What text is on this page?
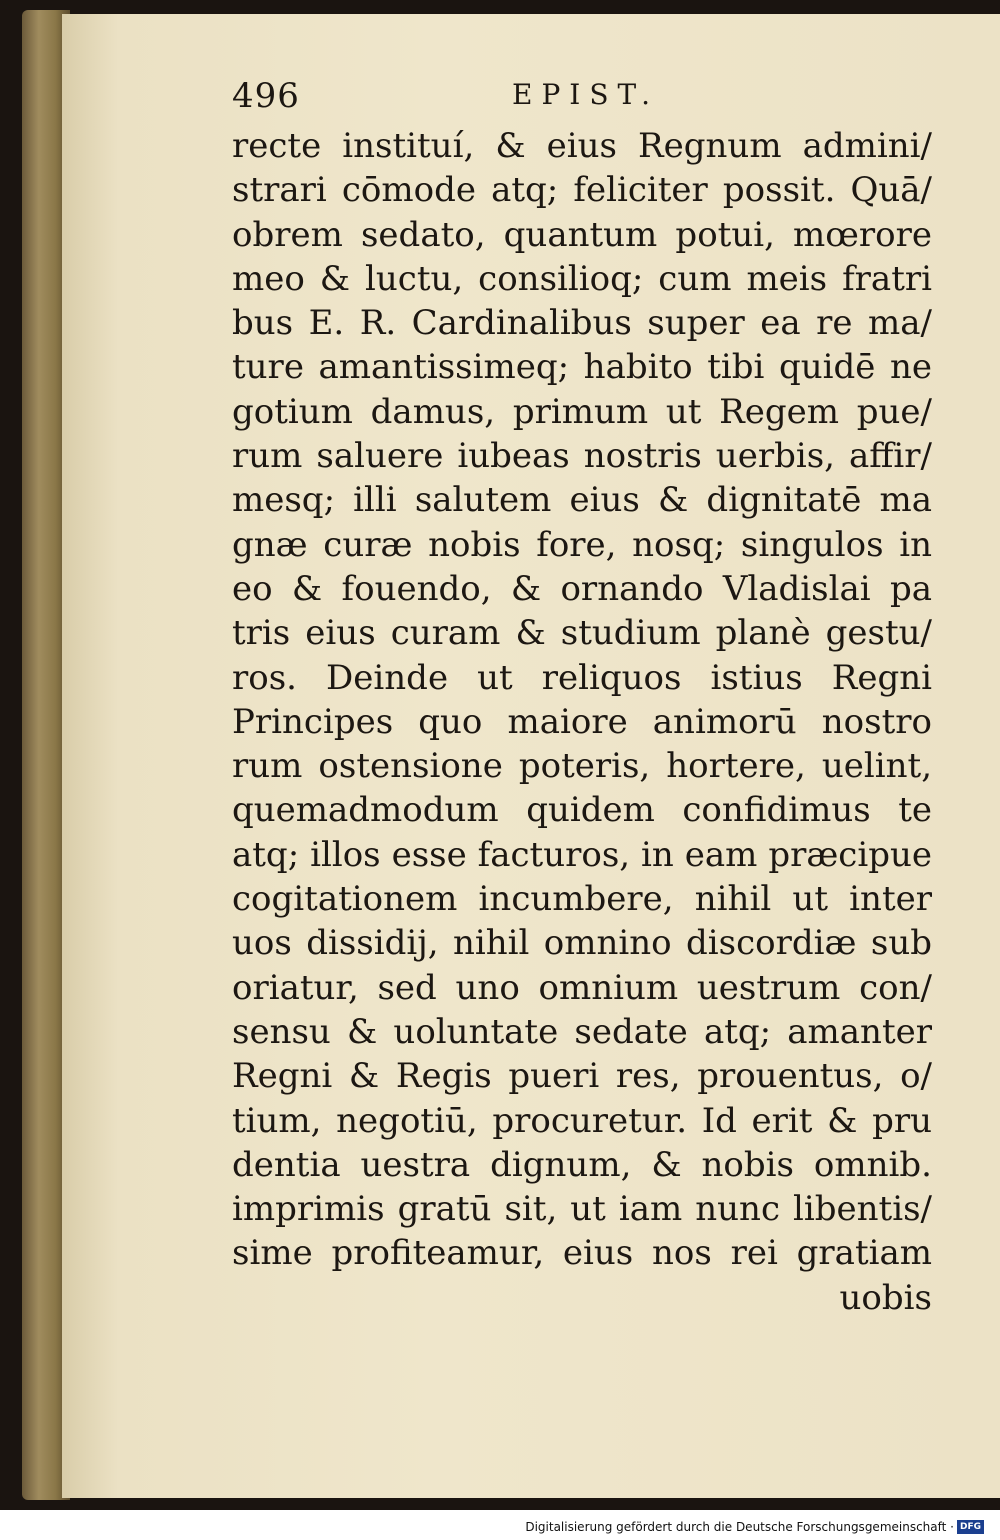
496	EPIST.
recte instituí, & eius Regnum admini/
strari cōmode atq; feliciter possit. Quā/
obrem sedato, quantum potui, mœrore
meo & luctu, consilioq; cum meis fratri
bus E. R. Cardinalibus super ea re ma/
ture amantissimeq; habito tibi quidē ne
gotium damus, primum ut Regem pue/
rum saluere iubeas nostris uerbis, affir/
mesq; illi salutem eius & dignitatē ma
gnæ curæ nobis fore, nosq; singulos in
eo & fouendo, & ornando Vladislai pa
tris eius curam & studium planè gestu/
ros. Deinde ut reliquos istius Regni
Principes quo maiore animorū nostro
rum ostensione poteris, hortere, uelint,
quemadmodum quidem confidimus te
atq; illos esse facturos, in eam præcipue
cogitationem incumbere, nihil ut inter
uos dissidij, nihil omnino discordiæ sub
oriatur, sed uno omnium uestrum con/
sensu & uoluntate sedate atq; amanter
Regni & Regis pueri res, prouentus, o/
tium, negotiū, procuretur. Id erit & pru
dentia uestra dignum, & nobis omnib.
imprimis gratū sit, ut iam nunc libentis/
sime profiteamur, eius nos rei gratiam
uobis
Digitalisierung gefördert durch die Deutsche Forschungsgemeinschaft · DFG
